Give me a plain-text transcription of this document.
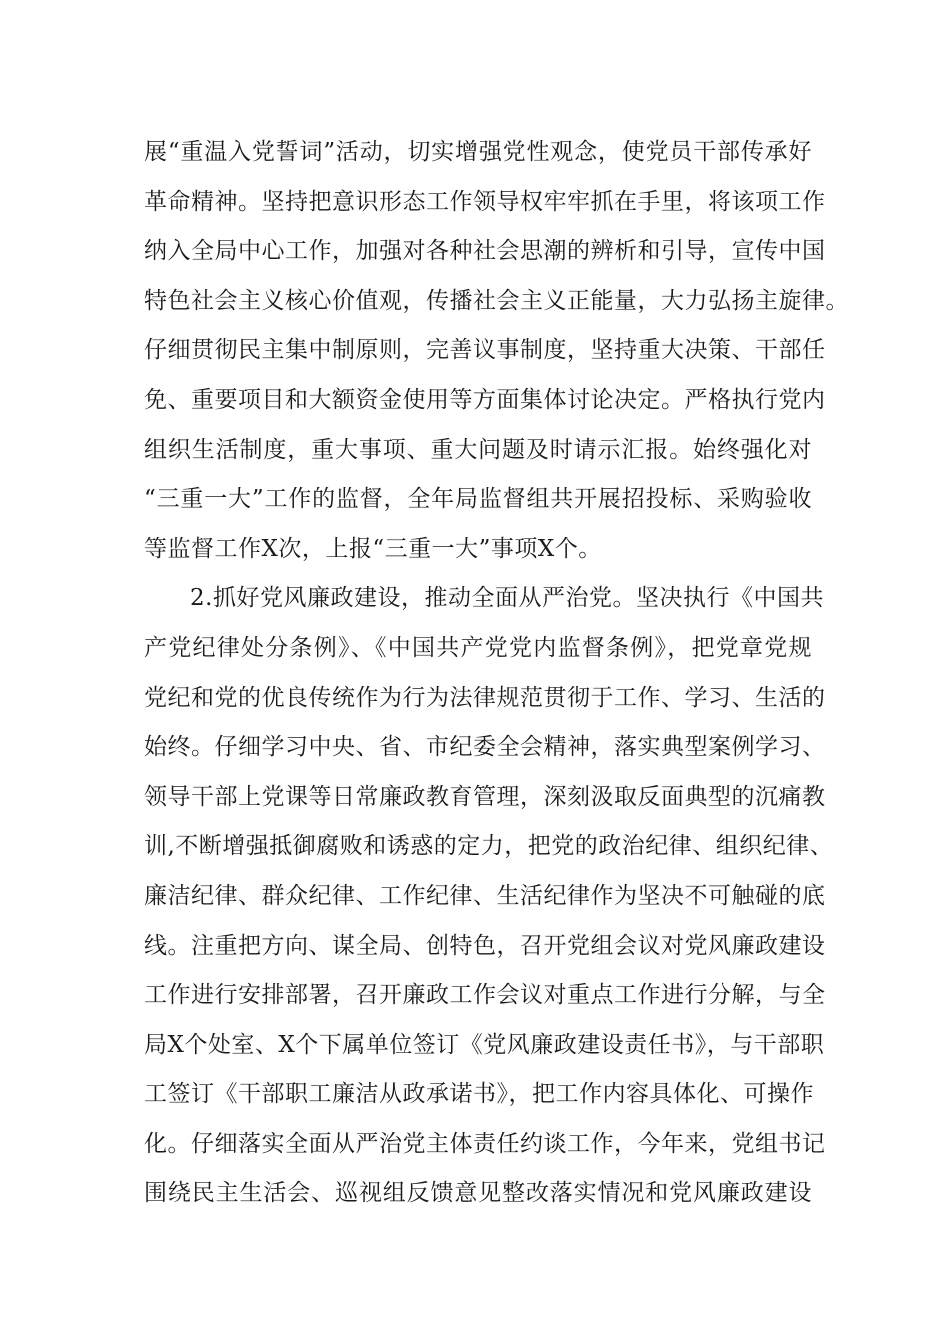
展“重温入党誓词”活动，切实增强党性观念，使党员干部传承好
革命精神。坚持把意识形态工作领导权牢牢抓在手里，将该项工作
纳入全局中心工作，加强对各种社会思潮的辨析和引导，宣传中国
特色社会主义核心价值观，传播社会主义正能量，大力弘扬主旋律。
仔细贯彻民主集中制原则，完善议事制度，坚持重大决策、干部任
免、重要项目和大额资金使用等方面集体讨论决定。严格执行党内
组织生活制度，重大事项、重大问题及时请示汇报。始终强化对
“三重一大”工作的监督，全年局监督组共开展招投标、采购验收
等监督工作X次，上报“三重一大”事项X个。
2.抓好党风廉政建设，推动全面从严治党。坚决执行《中国共
产党纪律处分条例》、《中国共产党党内监督条例》，把党章党规
党纪和党的优良传统作为行为法律规范贯彻于工作、学习、生活的
始终。仔细学习中央、省、市纪委全会精神，落实典型案例学习、
领导干部上党课等日常廉政教育管理，深刻汲取反面典型的沉痛教
训,不断增强抵御腐败和诱惑的定力，把党的政治纪律、组织纪律、
廉洁纪律、群众纪律、工作纪律、生活纪律作为坚决不可触碰的底
线。注重把方向、谋全局、创特色，召开党组会议对党风廉政建设
工作进行安排部署，召开廉政工作会议对重点工作进行分解，与全
局X个处室、X个下属单位签订《党风廉政建设责任书》，与干部职
工签订《干部职工廉洁从政承诺书》，把工作内容具体化、可操作
化。仔细落实全面从严治党主体责任约谈工作，今年来，党组书记
围绕民主生活会、巡视组反馈意见整改落实情况和党风廉政建设
